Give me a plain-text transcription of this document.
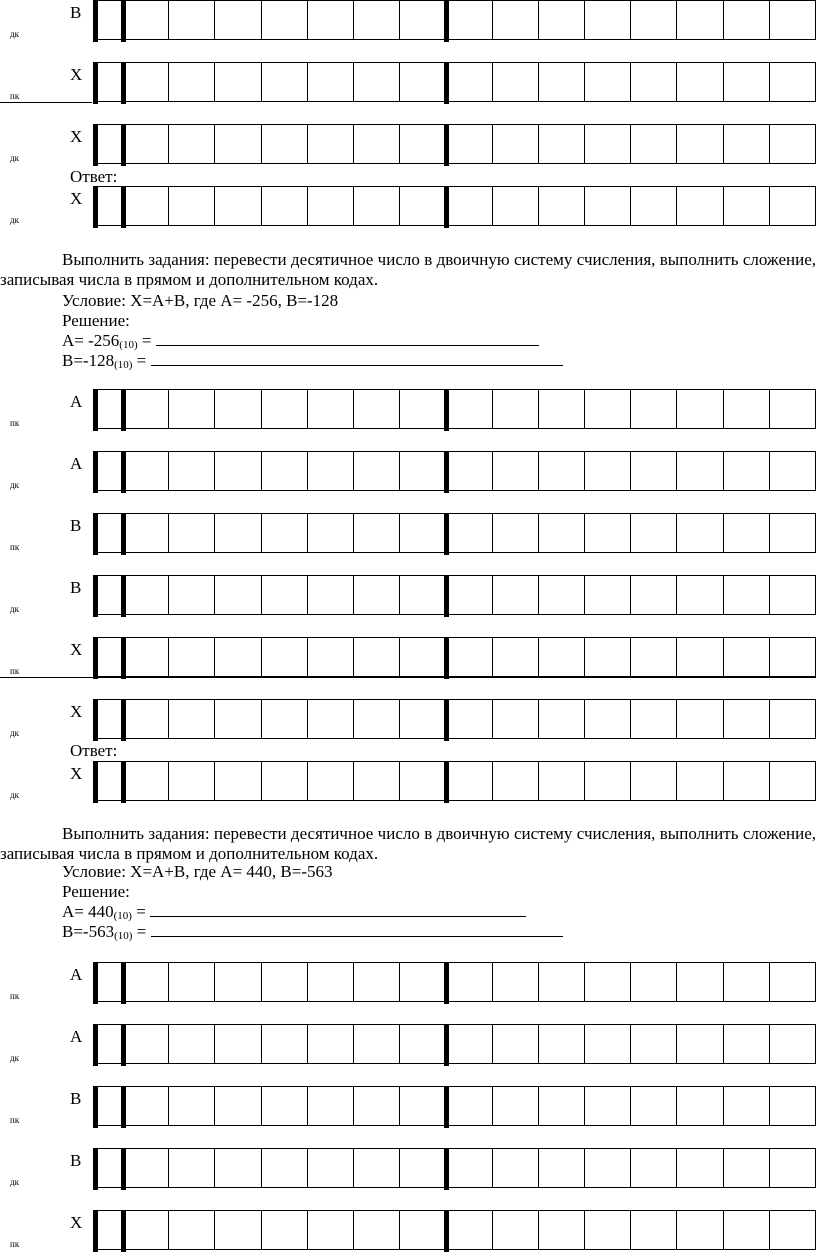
B
дк
X
пк
X
дк
Ответ:
X
дк
Выполнить задания: перевести десятичное число в двоичную систему счисления, выполнить сложение, записывая числа в прямом и дополнительном кодах.
Условие: X=A+B, где A= -256, B=-128
Решение:
$A= -256_{(10)}$ =
$B=-128_{(10)}$ =
A
пк
A
дк
B
пк
B
дк
X
пк
X
дк
Ответ:
X
дк
Выполнить задания: перевести десятичное число в двоичную систему счисления, выполнить сложение, записывая числа в прямом и дополнительном кодах.
Условие: X=A+B, где A= 440, B=-563
Решение:
$A= 440_{(10)}$ =
$B=-563_{(10)}$ =
A
пк
A
дк
B
пк
B
дк
X
пк
